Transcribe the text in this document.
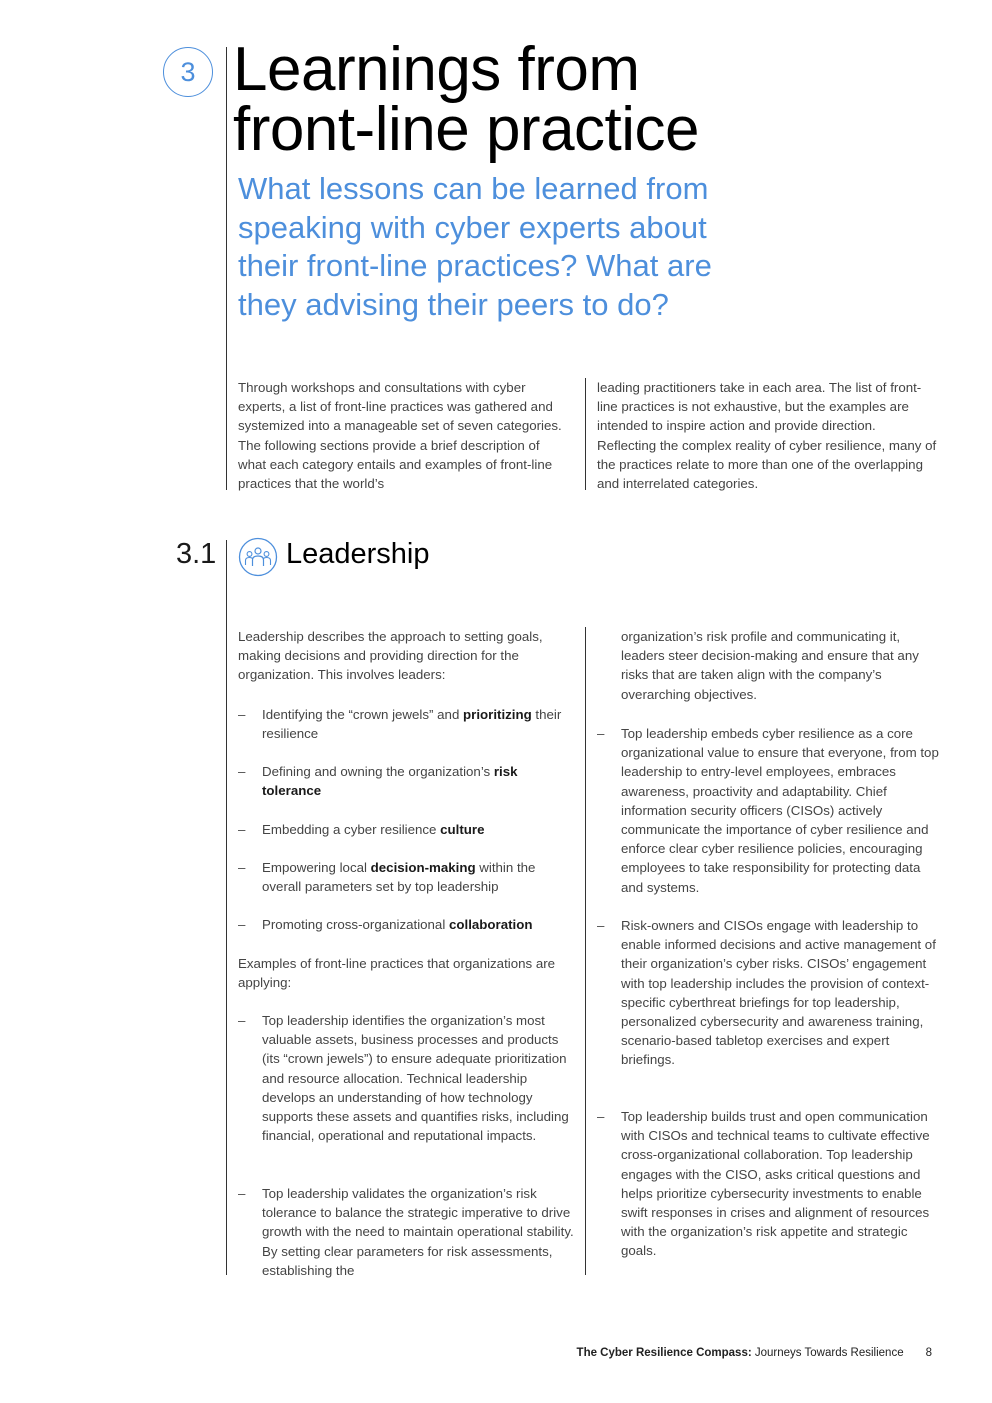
3 Learnings from
front-line practice

What lessons can be learned from speaking with cyber experts about their front-line practices? What are they advising their peers to do?

Through workshops and consultations with cyber experts, a list of front-line practices was gathered and systemized into a manageable set of seven categories. The following sections provide a brief description of what each category entails and examples of front-line practices that the world’s

leading practitioners take in each area. The list of front-line practices is not exhaustive, but the examples are intended to inspire action and provide direction. Reflecting the complex reality of cyber resilience, many of the practices relate to more than one of the overlapping and interrelated categories.

3.1 Leadership

Leadership describes the approach to setting goals, making decisions and providing direction for the organization. This involves leaders:

– Identifying the “crown jewels” and prioritizing their resilience
– Defining and owning the organization’s risk tolerance
– Embedding a cyber resilience culture
– Empowering local decision-making within the overall parameters set by top leadership
– Promoting cross-organizational collaboration

Examples of front-line practices that organizations are applying:

– Top leadership identifies the organization’s most valuable assets, business processes and products (its “crown jewels”) to ensure adequate prioritization and resource allocation. Technical leadership develops an understanding of how technology supports these assets and quantifies risks, including financial, operational and reputational impacts.
– Top leadership validates the organization’s risk tolerance to balance the strategic imperative to drive growth with the need to maintain operational stability. By setting clear parameters for risk assessments, establishing the

organization’s risk profile and communicating it, leaders steer decision-making and ensure that any risks that are taken align with the company’s overarching objectives.

– Top leadership embeds cyber resilience as a core organizational value to ensure that everyone, from top leadership to entry-level employees, embraces awareness, proactivity and adaptability. Chief information security officers (CISOs) actively communicate the importance of cyber resilience and enforce clear cyber resilience policies, encouraging employees to take responsibility for protecting data and systems.
– Risk-owners and CISOs engage with leadership to enable informed decisions and active management of their organization’s cyber risks. CISOs’ engagement with top leadership includes the provision of context-specific cyberthreat briefings for top leadership, personalized cybersecurity and awareness training, scenario-based tabletop exercises and expert briefings.
– Top leadership builds trust and open communication with CISOs and technical teams to cultivate effective cross-organizational collaboration. Top leadership engages with the CISO, asks critical questions and helps prioritize cybersecurity investments to enable swift responses in crises and alignment of resources with the organization’s risk appetite and strategic goals.
The Cyber Resilience Compass: Journeys Towards Resilience 8
